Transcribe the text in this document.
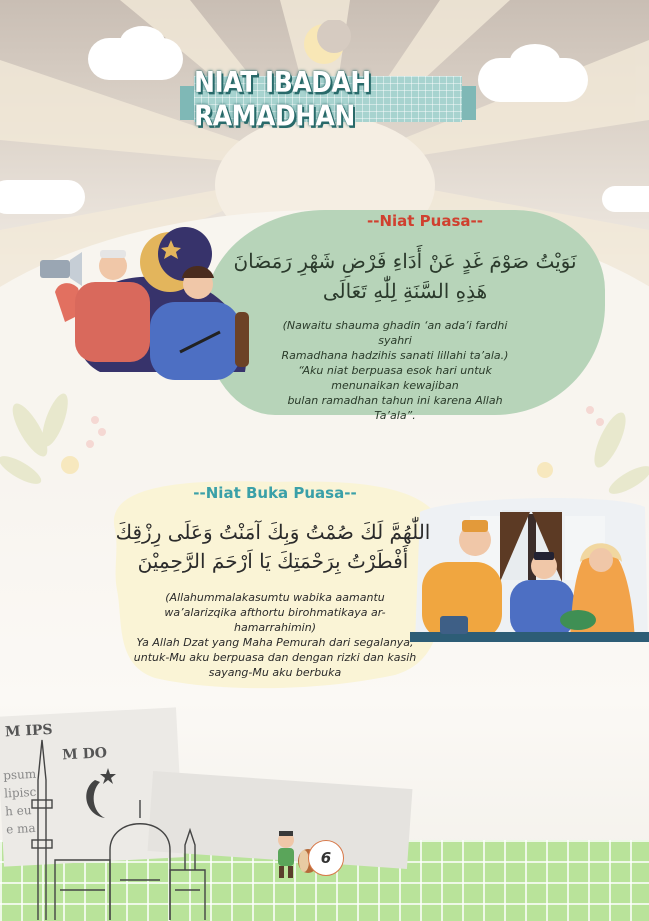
NIAT IBADAH RAMADHAN
--Niat Puasa--
نَوَيْتُ صَوْمَ غَدٍ عَنْ أَدَاءِ فَرْضِ شَهْرِ رَمَضَانَ هَذِهِ السَّنَةِ لِلّٰهِ تَعَالَى
(Nawaitu shauma ghadin ‘an ada’i fardhi syahri
Ramadhana hadzihis sanati lillahi ta’ala.)
“Aku niat berpuasa esok hari untuk
menunaikan kewajiban
bulan ramadhan tahun ini karena Allah
Ta’ala”.
--Niat Buka Puasa--
اللّٰهُمَّ لَكَ صُمْتُ وَبِكَ آمَنْتُ وَعَلَى رِزْقِكَ أَفْطَرْتُ بِرَحْمَتِكَ يَا اَرْحَمَ الرَّحِمِيْنَ
(Allahummalakasumtu wabika aamantu
wa’alarizqika afthortu birohmatikaya ar-
hamarrahimin)
Ya Allah Dzat yang Maha Pemurah dari segalanya,
untuk-Mu aku berpuasa dan dengan rizki dan kasih
sayang-Mu aku berbuka
M IPS
M DO
psum
lipisc
h eu
e ma
6
